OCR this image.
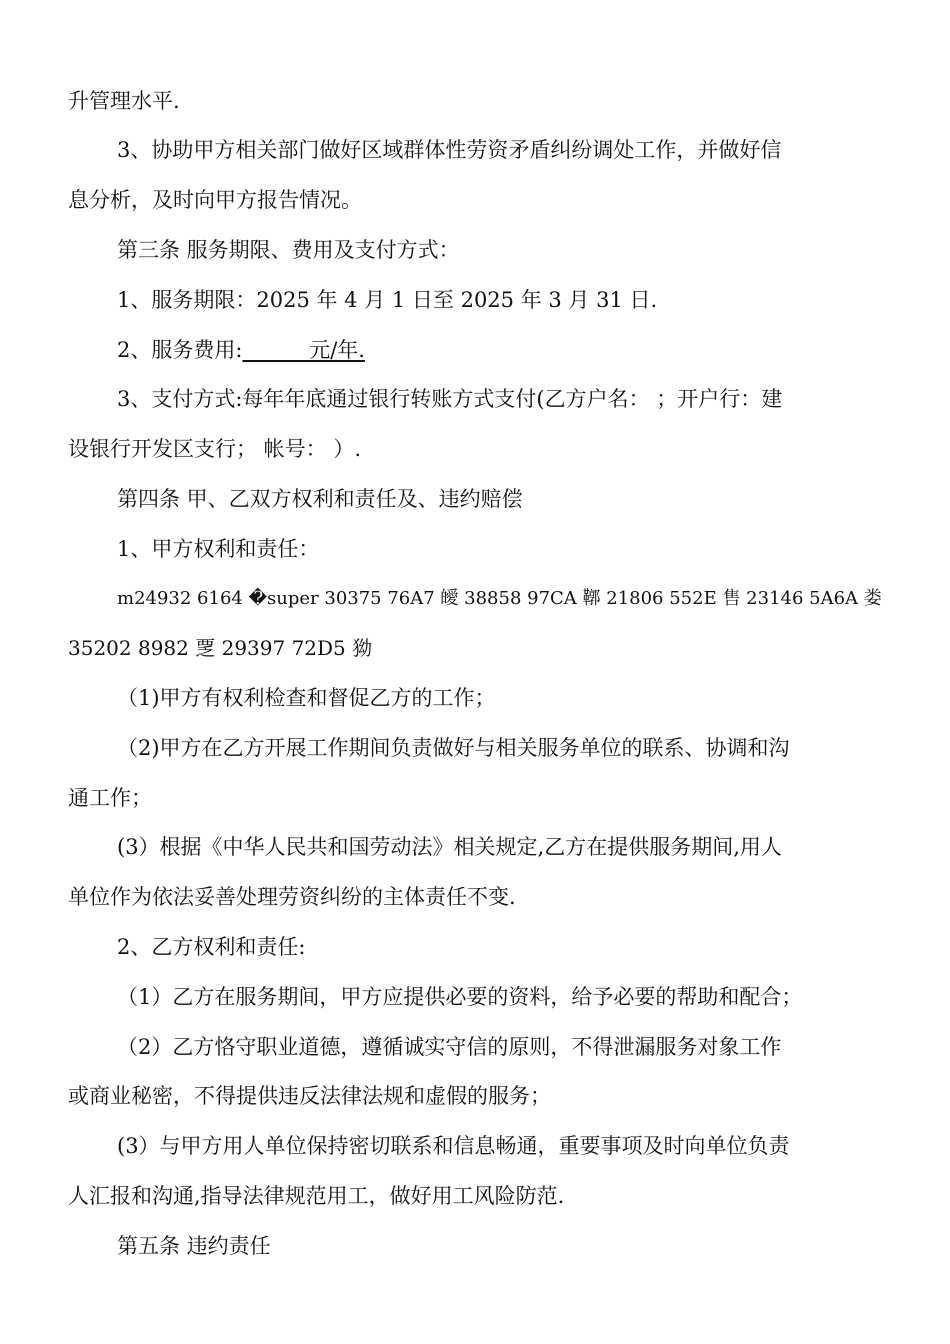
升管理水平.
3、协助甲方相关部门做好区域群体性劳资矛盾纠纷调处工作，并做好信
息分析，及时向甲方报告情况。
第三条 服务期限、费用及支付方式：
1、服务期限：2025 年 4 月 1 日至 2025 年 3 月 31 日.
2、服务费用:          元/年.
3、支付方式:每年年底通过银行转账方式支付(乙方户名： ；开户行：建
设银行开发区支行； 帐号： ）.
第四条 甲、乙双方权利和责任及、违约赔偿
1、甲方权利和责任：
m24932 6164 �super 30375 76A7 皧 38858 97CA 鞹 21806 552E 售 23146 5A6A 娄
35202 8982 覂 29397 72D5 狕
（1)甲方有权利检查和督促乙方的工作；
（2)甲方在乙方开展工作期间负责做好与相关服务单位的联系、协调和沟
通工作；
(3）根据《中华人民共和国劳动法》相关规定,乙方在提供服务期间,用人
单位作为依法妥善处理劳资纠纷的主体责任不变.
2、乙方权利和责任:
（1）乙方在服务期间，甲方应提供必要的资料，给予必要的帮助和配合；
（2）乙方恪守职业道德，遵循诚实守信的原则，不得泄漏服务对象工作
或商业秘密，不得提供违反法律法规和虚假的服务；
(3）与甲方用人单位保持密切联系和信息畅通，重要事项及时向单位负责
人汇报和沟通,指导法律规范用工，做好用工风险防范.
第五条 违约责任
